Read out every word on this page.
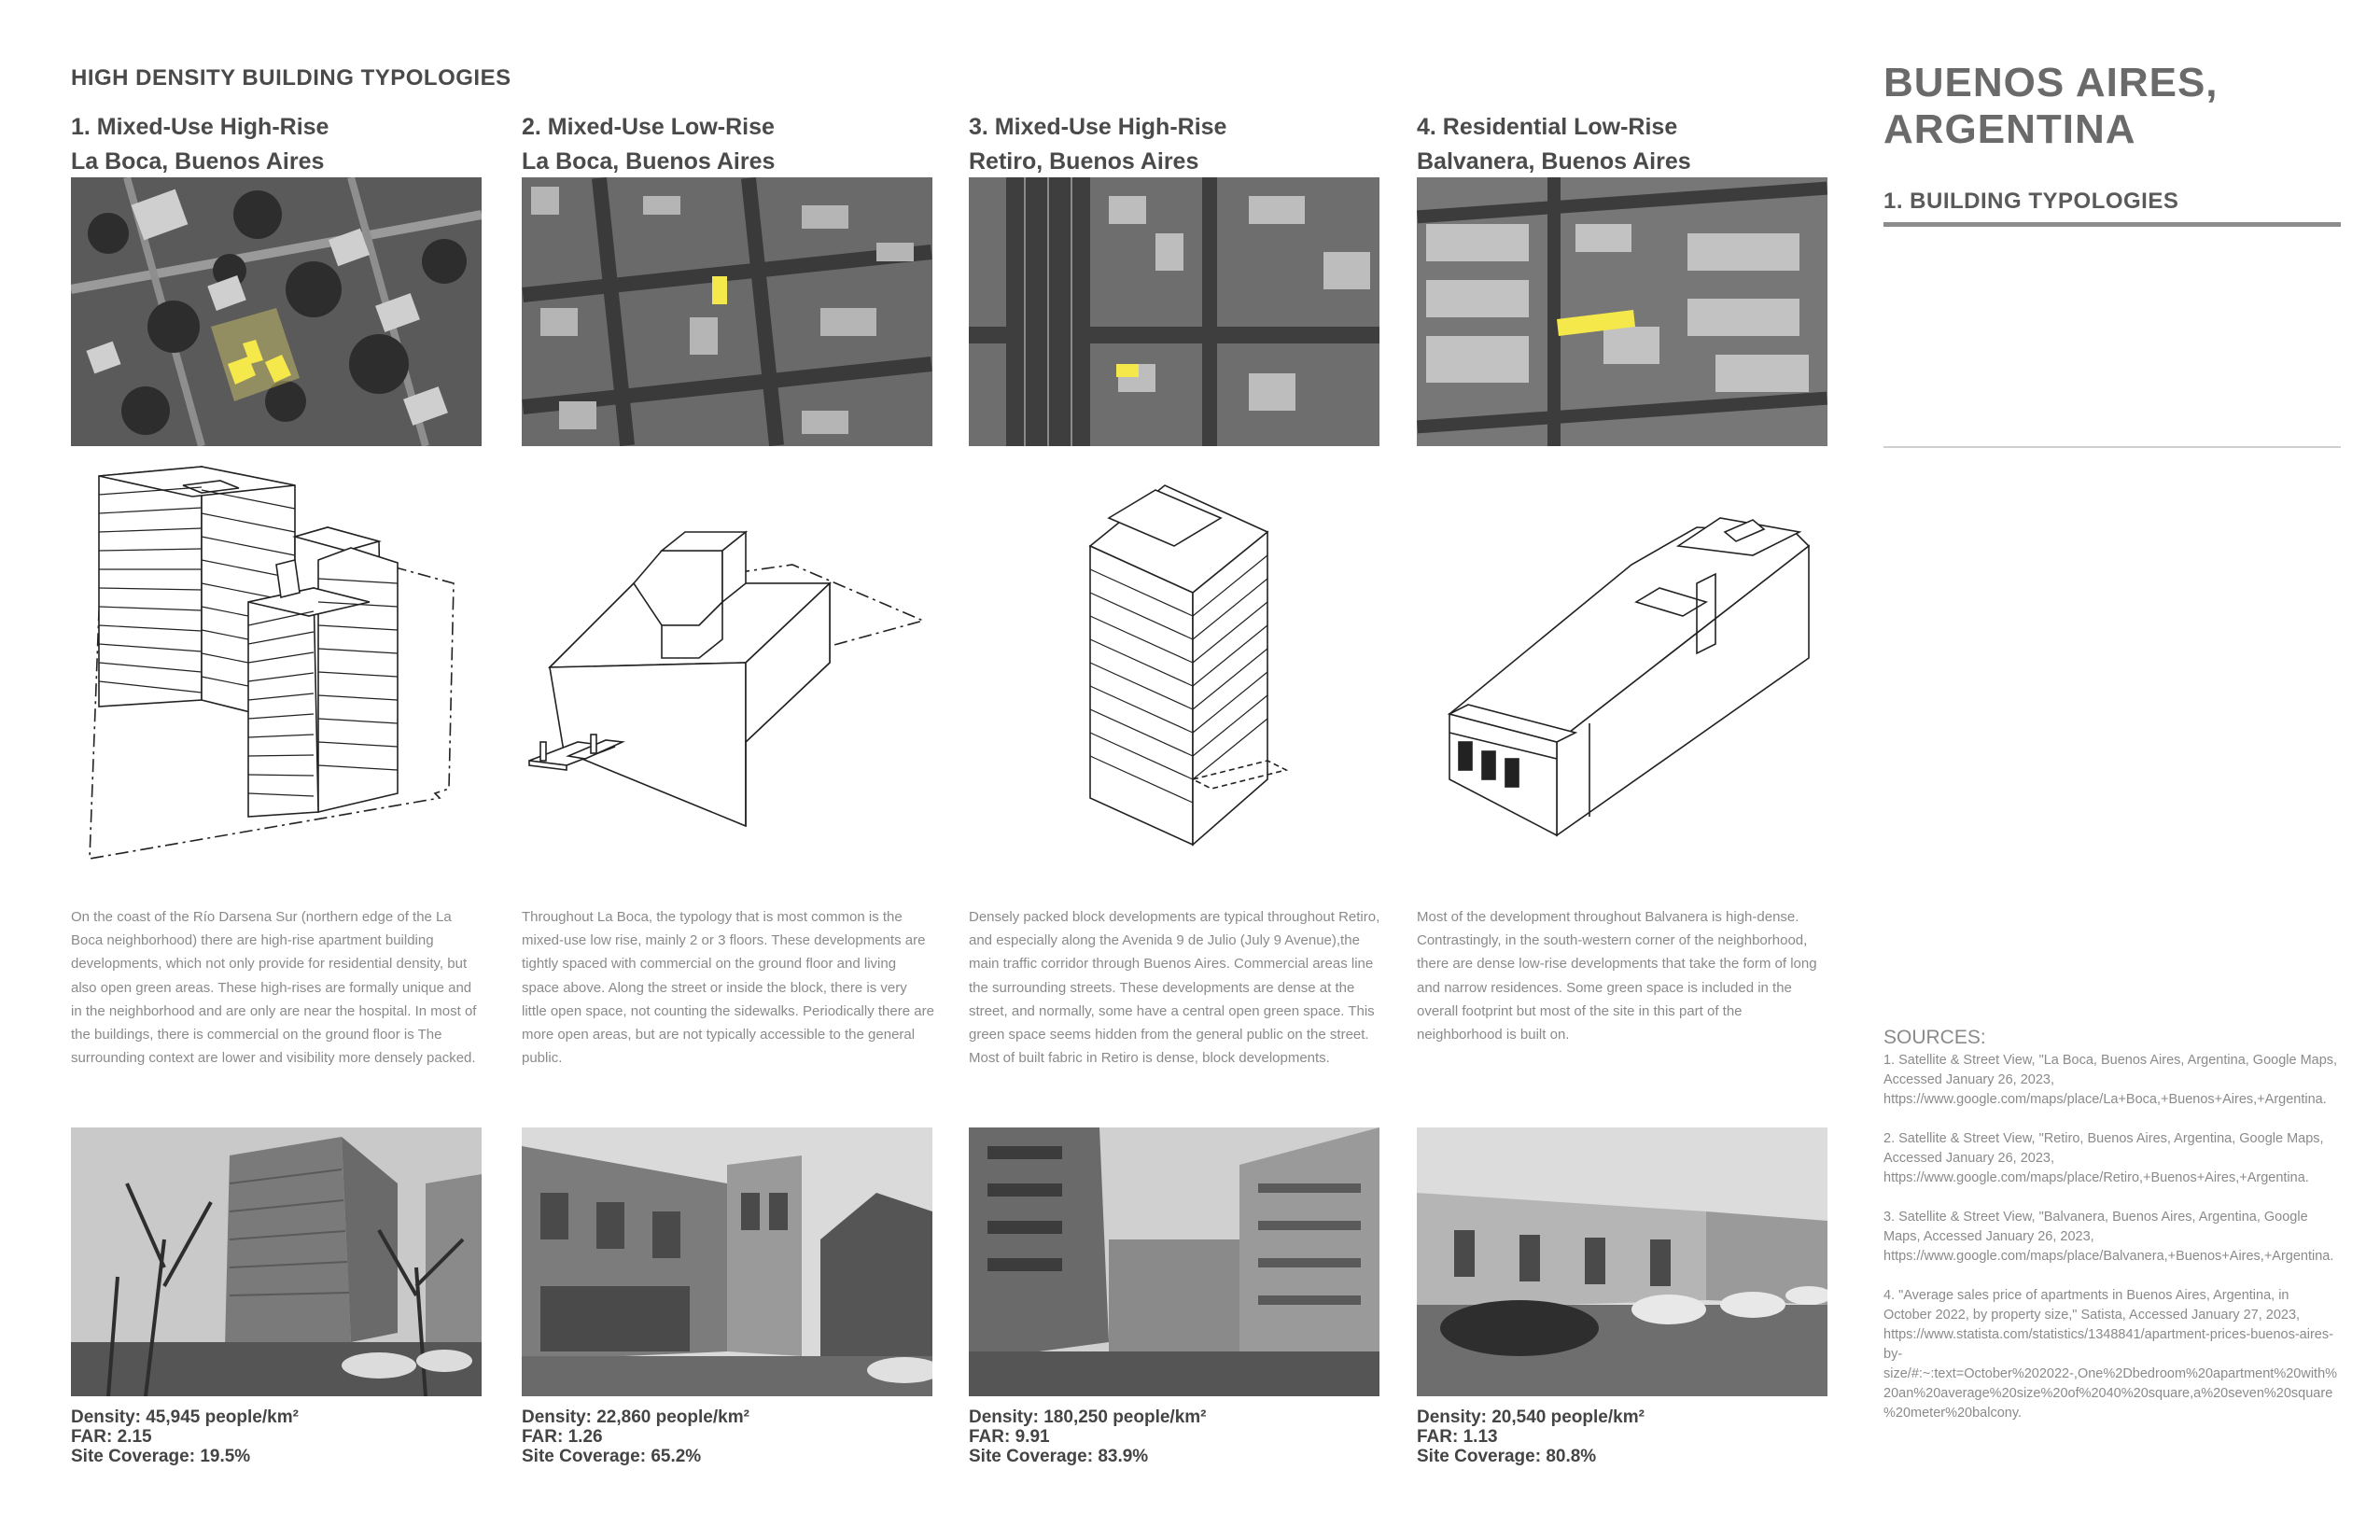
HIGH DENSITY BUILDING TYPOLOGIES
1. Mixed-Use High-Rise
La Boca, Buenos Aires
On the coast of the Río Darsena Sur (northern edge of the La Boca neighborhood) there are high-rise apartment building developments, which not only provide for residential density, but also open green areas. These high-rises are formally unique and in the neighborhood and are only are near the hospital. In most of the buildings, there is commercial on the ground floor is The surrounding context are lower and visibility more densely packed.
Density: 45,945 people/km²
FAR: 2.15
Site Coverage: 19.5%
2. Mixed-Use Low-Rise
La Boca, Buenos Aires
Throughout La Boca, the typology that is most common is the mixed-use low rise, mainly 2 or 3 floors. These developments are tightly spaced with commercial on the ground floor and living space above. Along the street or inside the block, there is very little open space, not counting the sidewalks. Periodically there are more open areas, but are not typically accessible to the general public.
Density: 22,860 people/km²
FAR: 1.26
Site Coverage: 65.2%
3. Mixed-Use High-Rise
Retiro, Buenos Aires
Densely packed block developments are typical throughout Retiro, and especially along the Avenida 9 de Julio (July 9 Avenue),the main traffic corridor through Buenos Aires. Commercial areas line the surrounding streets. These developments are dense at the street, and normally, some have a central open green space. This green space seems hidden from the general public on the street. Most of built fabric in Retiro is dense, block developments.
Density: 180,250 people/km²
FAR: 9.91
Site Coverage: 83.9%
4. Residential Low-Rise
Balvanera, Buenos Aires
Most of the development throughout Balvanera is high-dense. Contrastingly, in the south-western corner of the neighborhood, there are dense low-rise developments that take the form of long and narrow residences. Some green space is included in the overall footprint but most of the site in this part of the neighborhood is built on.
Density: 20,540 people/km²
FAR: 1.13
Site Coverage: 80.8%
BUENOS AIRES,
ARGENTINA
1. BUILDING TYPOLOGIES
SOURCES:
1. Satellite & Street View, "La Boca, Buenos Aires, Argentina, Google Maps, Accessed January 26, 2023, https://www.google.com/maps/place/La+Boca,+Buenos+Aires,+Argentina.
2. Satellite & Street View, "Retiro, Buenos Aires, Argentina, Google Maps, Accessed January 26, 2023, https://www.google.com/maps/place/Retiro,+Buenos+Aires,+Argentina.
3. Satellite & Street View, "Balvanera, Buenos Aires, Argentina, Google Maps, Accessed January 26, 2023, https://www.google.com/maps/place/Balvanera,+Buenos+Aires,+Argentina.
4. "Average sales price of apartments in Buenos Aires, Argentina, in October 2022, by property size," Satista, Accessed January 27, 2023, https://www.statista.com/statistics/1348841/apartment-prices-buenos-aires-by-size/#:~:text=October%202022-,One%2Dbedroom%20apartment%20with%20an%20average%20size%20of%2040%20square,a%20seven%20square%20meter%20balcony.
